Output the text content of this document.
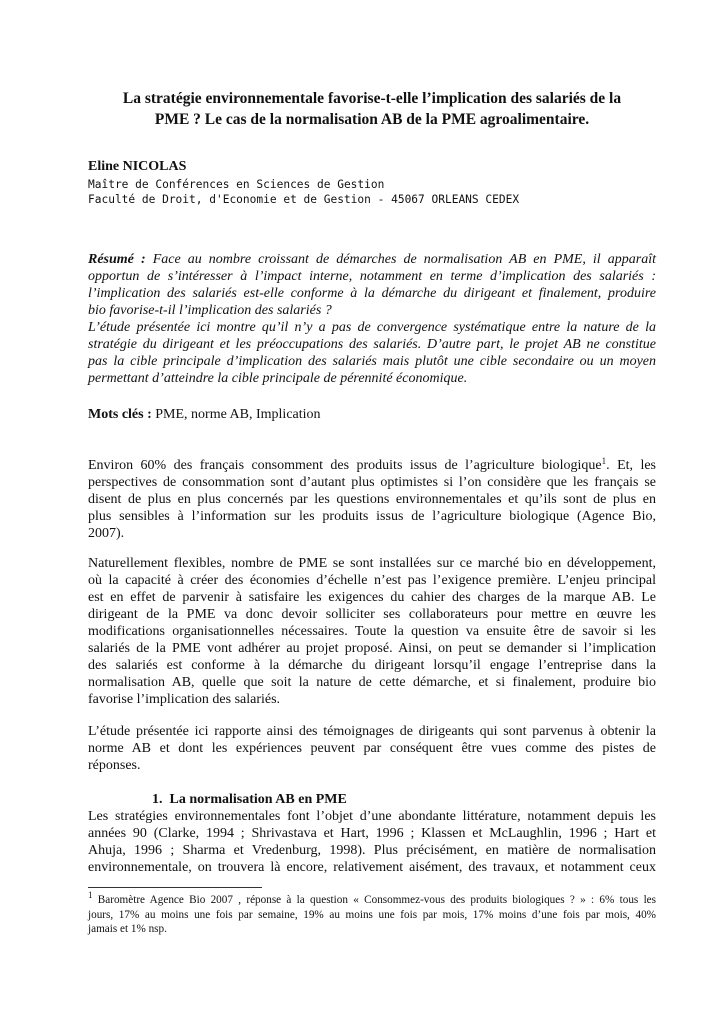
La stratégie environnementale favorise-t-elle l’implication des salariés de la
PME ? Le cas de la normalisation AB de la PME agroalimentaire.
Eline NICOLAS
Maître de Conférences en Sciences de Gestion
Faculté de Droit, d'Economie et de Gestion - 45067 ORLEANS CEDEX
Résumé : Face au nombre croissant de démarches de normalisation AB en PME, il apparaît
opportun de s’intéresser à l’impact interne, notamment en terme d’implication des salariés :
l’implication des salariés est-elle conforme à la démarche du dirigeant et finalement, produire
bio favorise-t-il l’implication des salariés ?
L’étude présentée ici montre qu’il n’y a pas de convergence systématique entre la nature de la
stratégie du dirigeant et les préoccupations des salariés. D’autre part, le projet AB ne constitue
pas la cible principale d’implication des salariés mais plutôt une cible secondaire ou un moyen
permettant d’atteindre la cible principale de pérennité économique.
Mots clés : PME, norme AB, Implication
Environ 60% des français consomment des produits issus de l’agriculture biologique$^1$. Et, les
perspectives de consommation sont d’autant plus optimistes si l’on considère que les français se
disent de plus en plus concernés par les questions environnementales et qu’ils sont de plus en
plus sensibles à l’information sur les produits issus de l’agriculture biologique (Agence Bio,
2007).
Naturellement flexibles, nombre de PME se sont installées sur ce marché bio en développement,
où la capacité à créer des économies d’échelle n’est pas l’exigence première. L’enjeu principal
est en effet de parvenir à satisfaire les exigences du cahier des charges de la marque AB. Le
dirigeant de la PME va donc devoir solliciter ses collaborateurs pour mettre en œuvre les
modifications organisationnelles nécessaires. Toute la question va ensuite être de savoir si les
salariés de la PME vont adhérer au projet proposé. Ainsi, on peut se demander si l’implication
des salariés est conforme à la démarche du dirigeant lorsqu’il engage l’entreprise dans la
normalisation AB, quelle que soit la nature de cette démarche, et si finalement, produire bio
favorise l’implication des salariés.
L’étude présentée ici rapporte ainsi des témoignages de dirigeants qui sont parvenus à obtenir la
norme AB et dont les expériences peuvent par conséquent être vues comme des pistes de
réponses.
1. La normalisation AB en PME
Les stratégies environnementales font l’objet d’une abondante littérature, notamment depuis les
années 90 (Clarke, 1994 ; Shrivastava et Hart, 1996 ; Klassen et McLaughlin, 1996 ; Hart et
Ahuja, 1996 ; Sharma et Vredenburg, 1998). Plus précisément, en matière de normalisation
environnementale, on trouvera là encore, relativement aisément, des travaux, et notamment ceux
$^1$ Baromètre Agence Bio 2007 , réponse à la question « Consommez-vous des produits biologiques ? » : 6% tous les
jours, 17% au moins une fois par semaine, 19% au moins une fois par mois, 17% moins d’une fois par mois, 40%
jamais et 1% nsp.
